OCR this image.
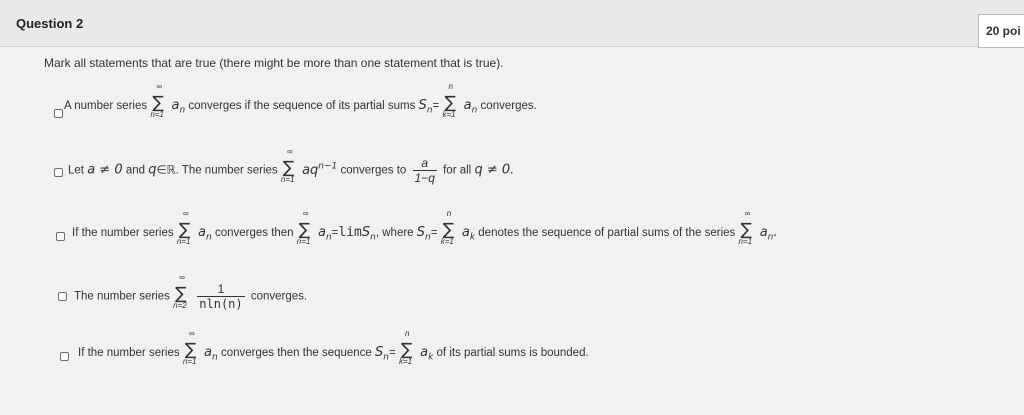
Question 2	20 poi
Mark all statements that are true (there might be more than one statement that is true).
A number series
∞
∑
n=1
$a_n$ converges if the sequence of its partial sums $S_n=$
n
∑
k=1
$a_n$ converges.
Let a ≠ 0 and q∈ℝ. The number series
∞
∑
n=1
$aq^{n-1}$ converges to $\frac{a}{1-q}$ for all q ≠ 0.
If the number series
∞
∑
n=1
$a_n$ converges then
∞
∑
n=1
$a_n=\lim S_n$, where $S_n=$
n
∑
k=1
$a_k$ denotes the sequence of partial sums of the series
∞
∑
n=1
$a_n$.
The number series
∞
∑
n=2
$\frac{1}{nln(n)}$ converges.
If the number series
∞
∑
n=1
$a_n$ converges then the sequence $S_n=$
n
∑
k=1
$a_k$ of its partial sums is bounded.
